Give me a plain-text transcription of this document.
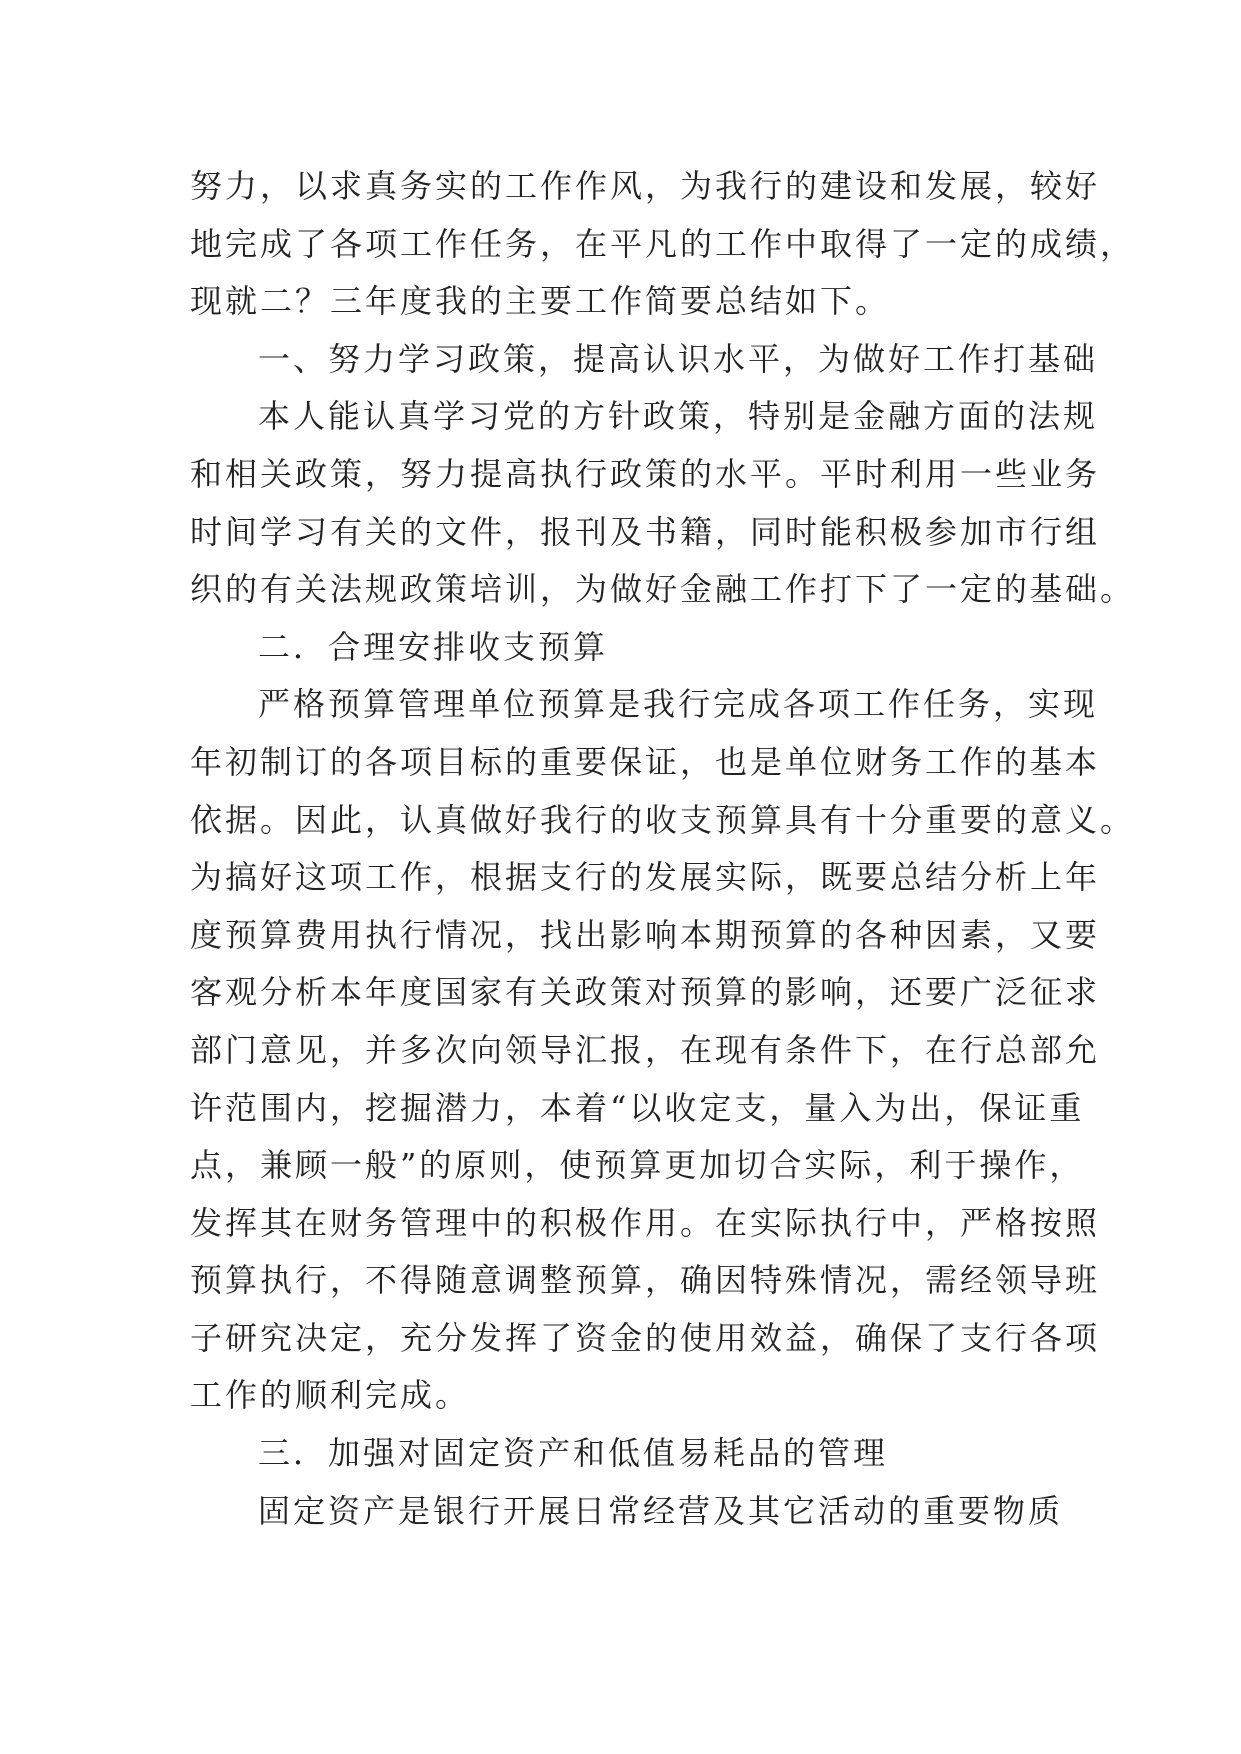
努力，以求真务实的工作作风，为我行的建设和发展，较好
地完成了各项工作任务，在平凡的工作中取得了一定的成绩，
现就二？三年度我的主要工作简要总结如下。
一、努力学习政策，提高认识水平，为做好工作打基础
本人能认真学习党的方针政策，特别是金融方面的法规
和相关政策，努力提高执行政策的水平。平时利用一些业务
时间学习有关的文件，报刊及书籍，同时能积极参加市行组
织的有关法规政策培训，为做好金融工作打下了一定的基础。
二．合理安排收支预算
严格预算管理单位预算是我行完成各项工作任务，实现
年初制订的各项目标的重要保证，也是单位财务工作的基本
依据。因此，认真做好我行的收支预算具有十分重要的意义。
为搞好这项工作，根据支行的发展实际，既要总结分析上年
度预算费用执行情况，找出影响本期预算的各种因素，又要
客观分析本年度国家有关政策对预算的影响，还要广泛征求
部门意见，并多次向领导汇报，在现有条件下，在行总部允
许范围内，挖掘潜力，本着“以收定支，量入为出，保证重
点，兼顾一般”的原则，使预算更加切合实际，利于操作，
发挥其在财务管理中的积极作用。在实际执行中，严格按照
预算执行，不得随意调整预算，确因特殊情况，需经领导班
子研究决定，充分发挥了资金的使用效益，确保了支行各项
工作的顺利完成。
三．加强对固定资产和低值易耗品的管理
固定资产是银行开展日常经营及其它活动的重要物质
